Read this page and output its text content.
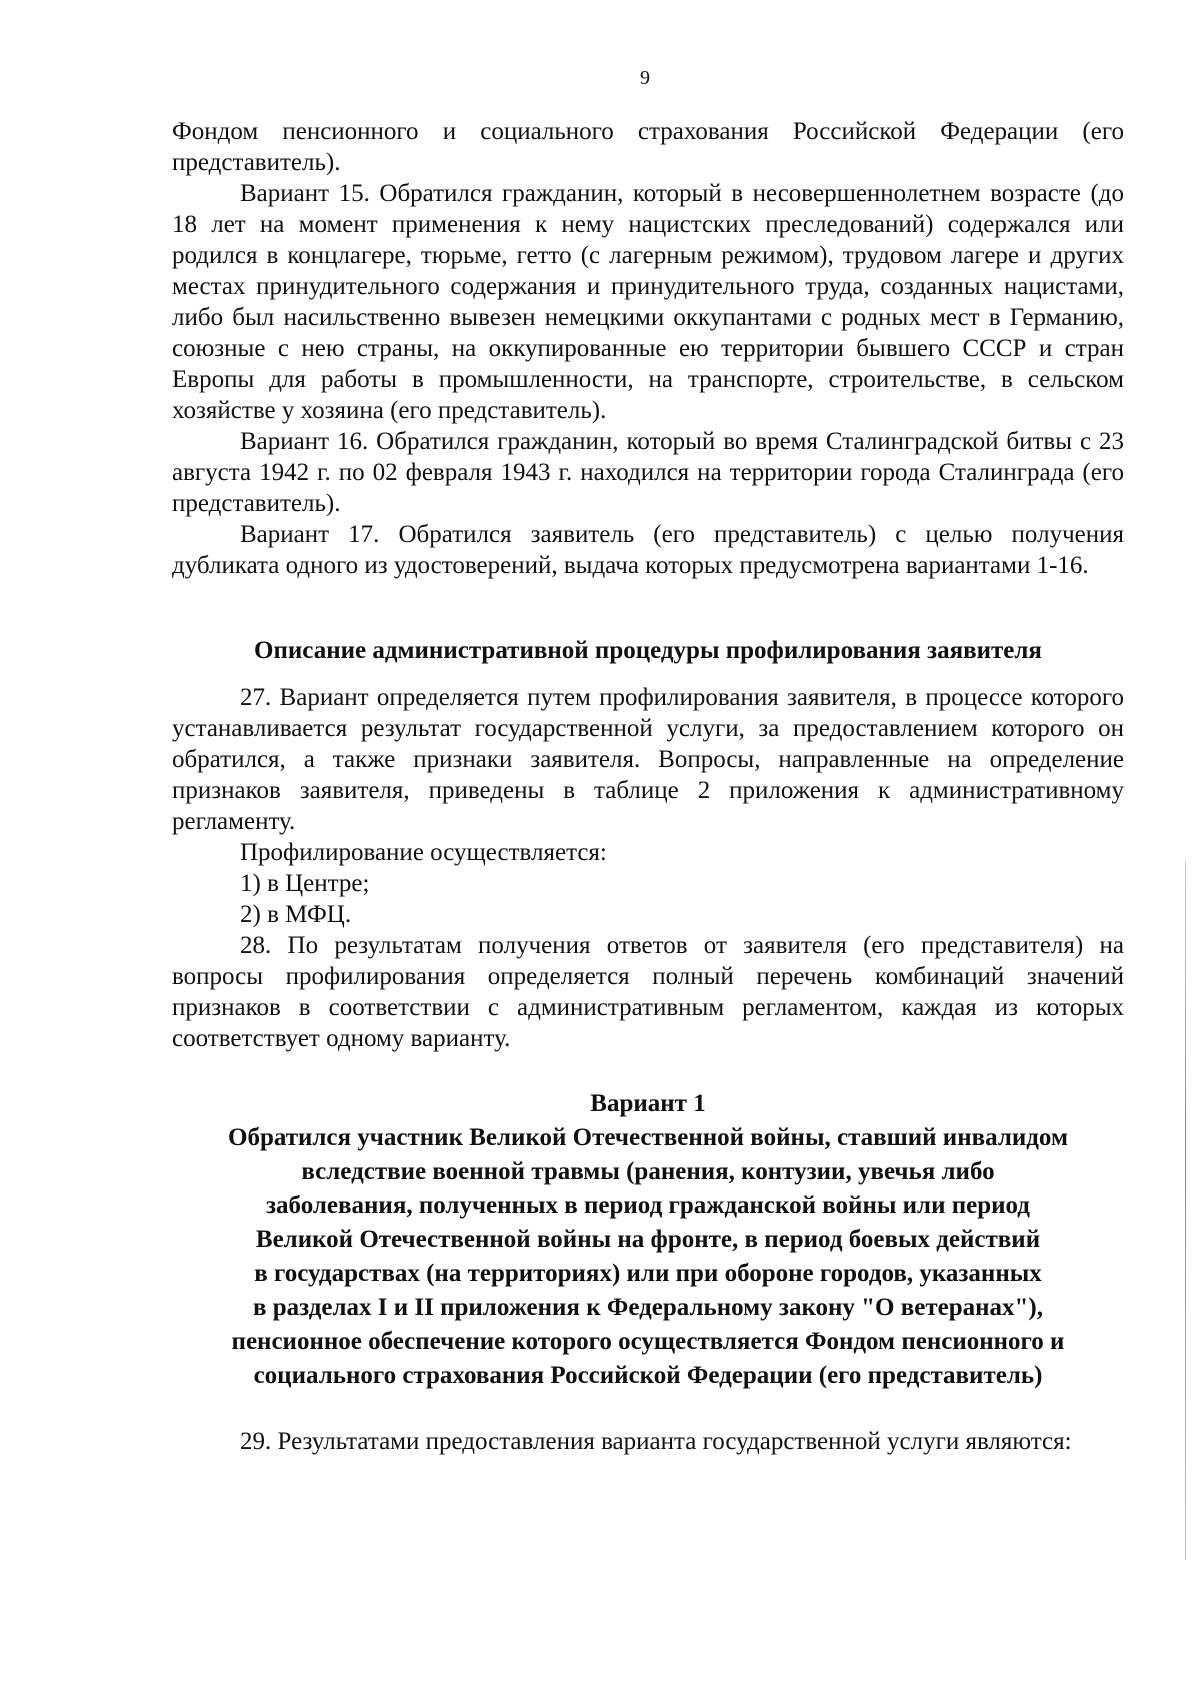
9

Фондом пенсионного и социального страхования Российской Федерации (его представитель).

Вариант 15. Обратился гражданин, который в несовершеннолетнем возрасте (до 18 лет на момент применения к нему нацистских преследований) содержался или родился в концлагере, тюрьме, гетто (с лагерным режимом), трудовом лагере и других местах принудительного содержания и принудительного труда, созданных нацистами, либо был насильственно вывезен немецкими оккупантами с родных мест в Германию, союзные с нею страны, на оккупированные ею территории бывшего СССР и стран Европы для работы в промышленности, на транспорте, строительстве, в сельском хозяйстве у хозяина (его представитель).

Вариант 16. Обратился гражданин, который во время Сталинградской битвы с 23 августа 1942 г. по 02 февраля 1943 г. находился на территории города Сталинграда (его представитель).

Вариант 17. Обратился заявитель (его представитель) с целью получения дубликата одного из удостоверений, выдача которых предусмотрена вариантами 1-16.

Описание административной процедуры профилирования заявителя

27. Вариант определяется путем профилирования заявителя, в процессе которого устанавливается результат государственной услуги, за предоставлением которого он обратился, а также признаки заявителя. Вопросы, направленные на определение признаков заявителя, приведены в таблице 2 приложения к административному регламенту.

Профилирование осуществляется:

1) в Центре;

2) в МФЦ.

28. По результатам получения ответов от заявителя (его представителя) на вопросы профилирования определяется полный перечень комбинаций значений признаков в соответствии с административным регламентом, каждая из которых соответствует одному варианту.

Вариант 1

Обратился участник Великой Отечественной войны, ставший инвалидом

вследствие военной травмы (ранения, контузии, увечья либо

заболевания, полученных в период гражданской войны или период

Великой Отечественной войны на фронте, в период боевых действий

в государствах (на территориях) или при обороне городов, указанных

в разделах I и II приложения к Федеральному закону "О ветеранах"),

пенсионное обеспечение которого осуществляется Фондом пенсионного и

социального страхования Российской Федерации (его представитель)

29. Результатами предоставления варианта государственной услуги являются:
